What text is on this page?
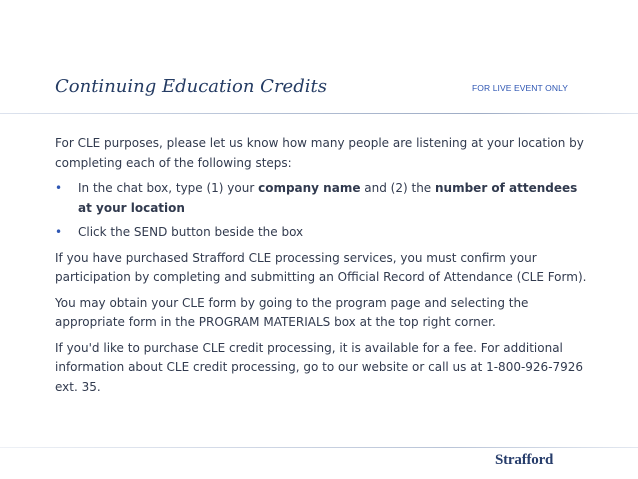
Continuing Education Credits	FOR LIVE EVENT ONLY

For CLE purposes, please let us know how many people are listening at your location by completing each of the following steps:

• In the chat box, type (1) your company name and (2) the number of attendees at your location
• Click the SEND button beside the box

If you have purchased Strafford CLE processing services, you must confirm your participation by completing and submitting an Official Record of Attendance (CLE Form).

You may obtain your CLE form by going to the program page and selecting the appropriate form in the PROGRAM MATERIALS box at the top right corner.

If you'd like to purchase CLE credit processing, it is available for a fee. For additional information about CLE credit processing, go to our website or call us at 1-800-926-7926 ext. 35.

Strafford
